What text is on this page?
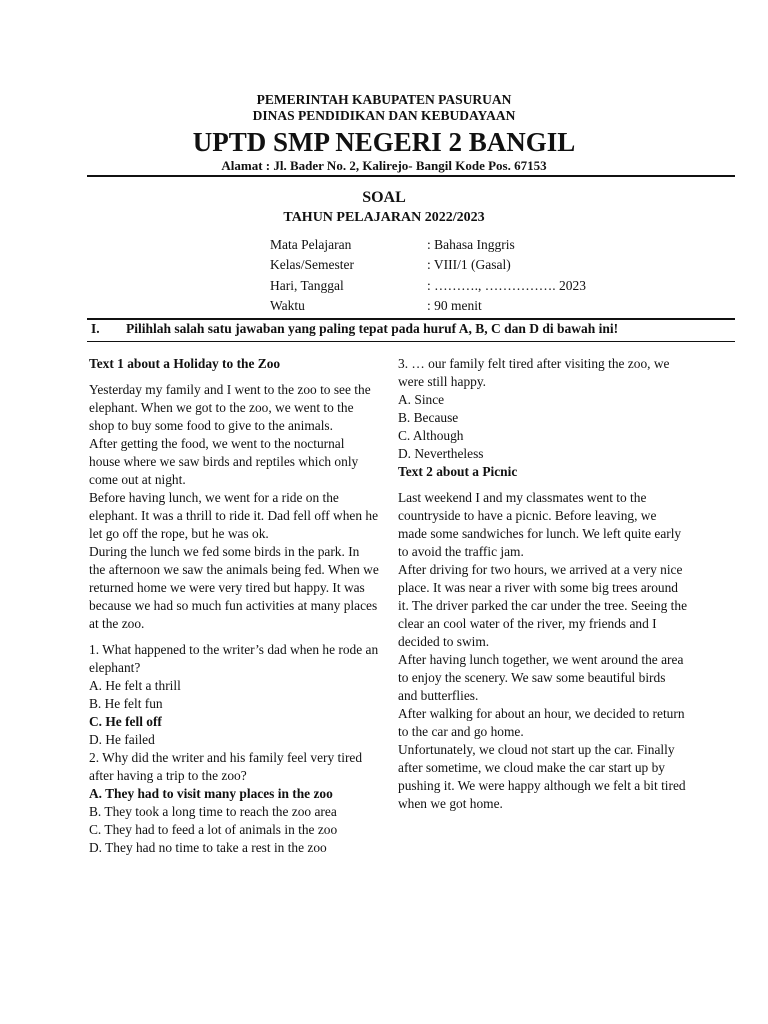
PEMERINTAH KABUPATEN PASURUAN
DINAS PENDIDIKAN DAN KEBUDAYAAN
UPTD SMP NEGERI 2 BANGIL
Alamat : Jl. Bader No. 2, Kalirejo- Bangil Kode Pos. 67153
SOAL
TAHUN PELAJARAN 2022/2023
Mata Pelajaran	: Bahasa Inggris
Kelas/Semester	: VIII/1 (Gasal)
Hari, Tanggal	: ………., ……………. 2023
Waktu	: 90 menit
I. Pilihlah salah satu jawaban yang paling tepat pada huruf A, B, C dan D di bawah ini!

Text 1 about a Holiday to the Zoo

Yesterday my family and I went to the zoo to see the elephant. When we got to the zoo, we went to the shop to buy some food to give to the animals.

After getting the food, we went to the nocturnal house where we saw birds and reptiles which only come out at night.

Before having lunch, we went for a ride on the elephant. It was a thrill to ride it. Dad fell off when he let go off the rope, but he was ok.

During the lunch we fed some birds in the park. In the afternoon we saw the animals being fed. When we returned home we were very tired but happy. It was because we had so much fun activities at many places at the zoo.

1. What happened to the writer’s dad when he rode an elephant?

A. He felt a thrill

B. He felt fun

C. He fell off

D. He failed

2. Why did the writer and his family feel very tired after having a trip to the zoo?

A. They had to visit many places in the zoo

B. They took a long time to reach the zoo area

C. They had to feed a lot of animals in the zoo

D. They had no time to take a rest in the zoo

3. … our family felt tired after visiting the zoo, we were still happy.

A. Since

B. Because

C. Although

D. Nevertheless

Text 2 about a Picnic

Last weekend I and my classmates went to the countryside to have a picnic. Before leaving, we made some sandwiches for lunch. We left quite early to avoid the traffic jam.

After driving for two hours, we arrived at a very nice place. It was near a river with some big trees around it. The driver parked the car under the tree. Seeing the clear an cool water of the river, my friends and I decided to swim.

After having lunch together, we went around the area to enjoy the scenery. We saw some beautiful birds and butterflies.

After walking for about an hour, we decided to return to the car and go home.

Unfortunately, we cloud not start up the car. Finally after sometime, we cloud make the car start up by pushing it. We were happy although we felt a bit tired when we got home.
